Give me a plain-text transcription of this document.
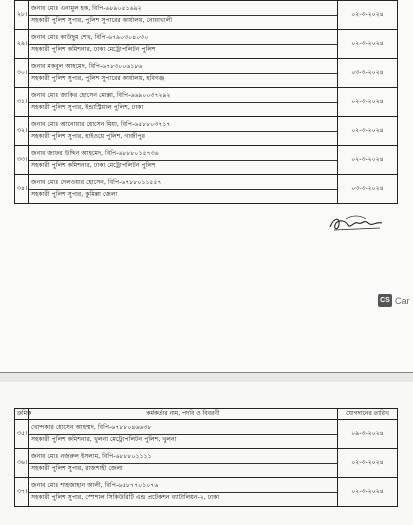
২৮।	জনাব মোঃ এনামুল হক, বিপি-৬৮৯০৫১৬৯২
সহকারী পুলিশ সুপার, পুলিশ সুপারের কার্যালয়, নোয়াখালী	০২-৩-২০২৪
২৯।	জনাব মোঃ কাউছুম শেখ, বিপি-৬৭৯০৩০৪০৩০
সহকারী পুলিশ কমিশনার, ঢাকা মেট্রোপলিটন পুলিশ	০২-৩-২০২৪
৩০।	জনাব মকবুল আহমেদ, বিপি-৬৭৮৩০০৬১৮৬
সহকারী পুলিশ সুপার, পুলিশ সুপারের কার্যালয়, হবিগঞ্জ	০৩-৩-২০২৪
৩১।	জনাব মোঃ জাকির হোসেন মোল্লা, বিপি-৬৬৯০০৩৭২৯২
সহকারী পুলিশ সুপার, ইন্ডাস্ট্রিয়াল পুলিশ, ঢাকা	০২-৩-২০২৪
৩২।	জনাব মোঃ আনোয়ার হোসেন মিয়া, বিপি-৬৫৮৮০৩৭১৭
সহকারী পুলিশ সুপার, হাইওয়ে পুলিশ, গাজীপুর	০২-৩-২০২৪
৩৩।	জনাব জাফর উদ্দিন আহমেদ, বিপি-৬৮৮৮০১৫৭৩৬
সহকারী পুলিশ কমিশনার, ঢাকা মেট্রোপলিটন পুলিশ	০২-৩-২০২৪
৩৪।	জনাব মোঃ দেলওয়ার হোসেন, বিপি-৬৭৮৮০১১৫৫৭
সহকারী পুলিশ সুপার, কুমিল্লা জেলা	০৩-৩-২০২৪
CS Car
ক্রমিক	কর্মকর্তার নাম, পদবি ও বিবরণী	যোগদানের তারিখ
৩৫।	খোন্দকার হোসেন আহম্মদ, বিপি-৬৭৮৮০৪৬৬৩৮
সহকারী পুলিশ কমিশনার, খুলনা মেট্রোপলিটন পুলিশ, খুলনা	০৯-৩-২০২৪
৩৬।	জনাব মোঃ নজরুল ইসলাম, বিপি-৬৮৮৮০১১১১
সহকারী পুলিশ সুপার, রাজশাহী জেলা	০২-৩-২০২৪
৩৭।	জনাব মোঃ শাহজাহান আলী, বিপি-৬৫৮৭৭০১০৭৬
সহকারী পুলিশ সুপার, স্পেশাল সিকিউরিটি এন্ড প্রটেকশন ব্যাটালিয়ন-২, ঢাকা	০২-৩-২০২৪
